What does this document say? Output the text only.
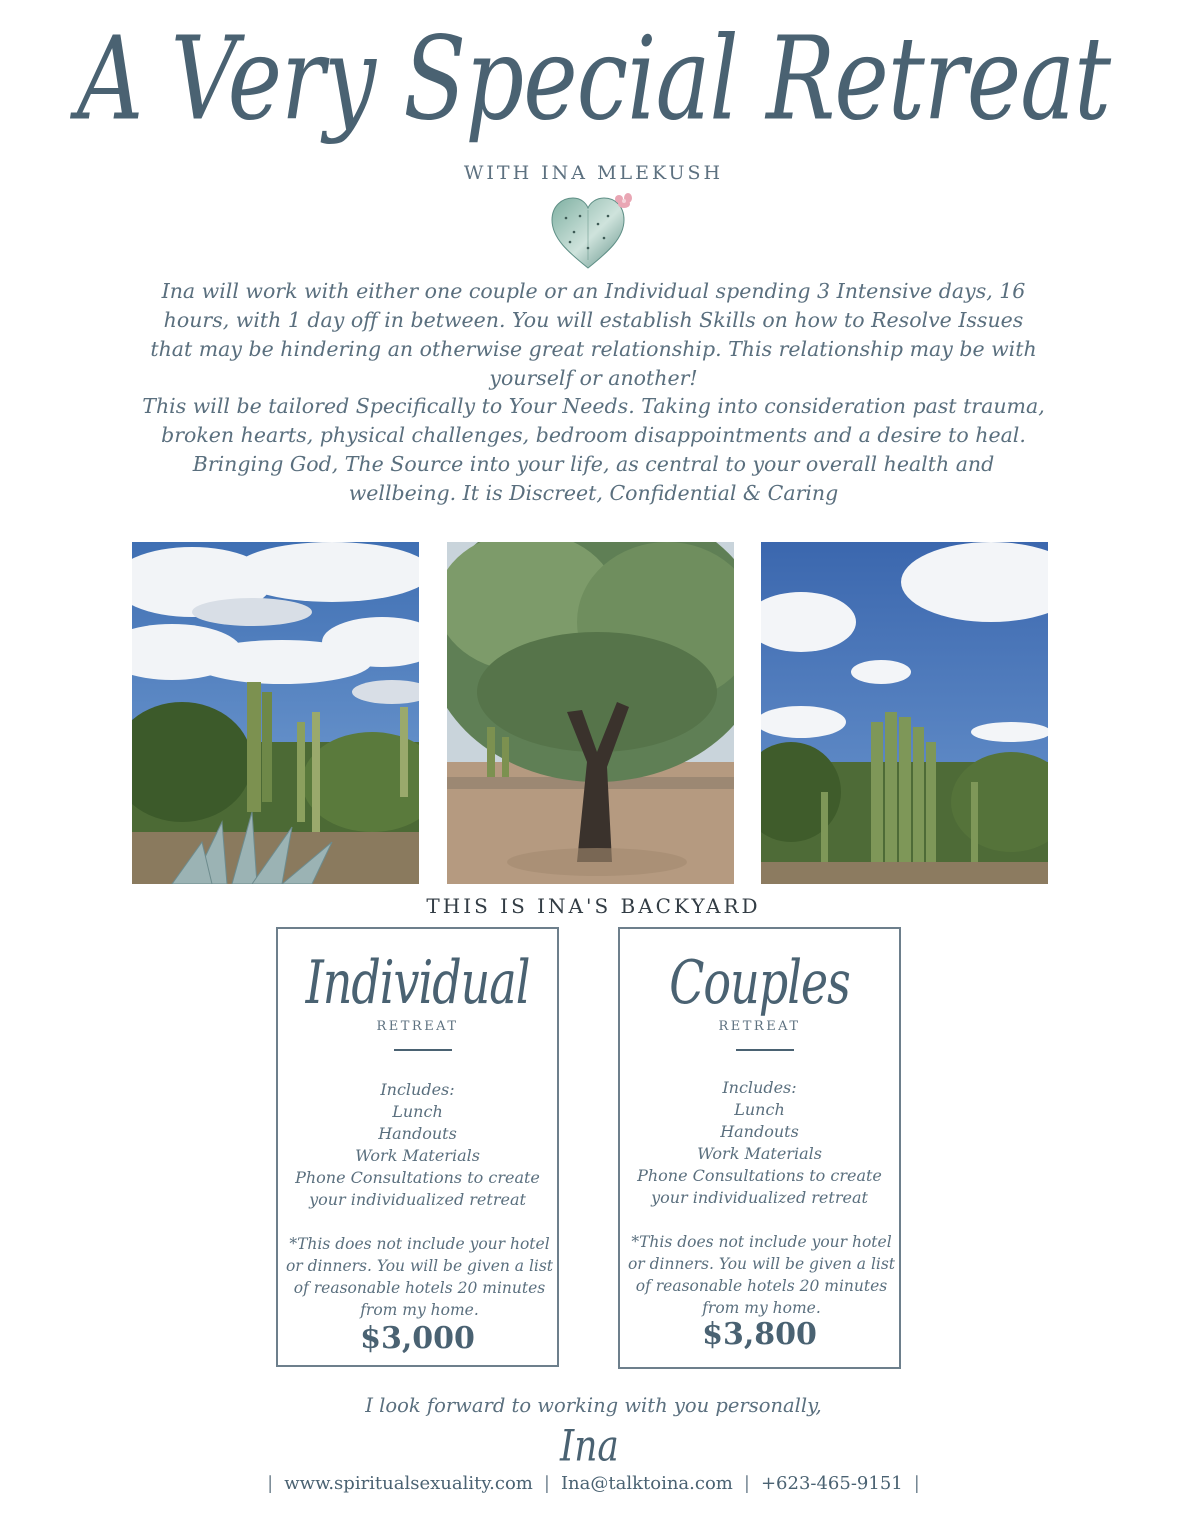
A Very Special Retreat
WITH INA MLEKUSH
Ina will work with either one couple or an Individual spending 3 Intensive days, 16 hours, with 1 day off in between. You will establish Skills on how to Resolve Issues that may be hindering an otherwise great relationship. This relationship may be with yourself or another!
This will be tailored Specifically to Your Needs. Taking into consideration past trauma, broken hearts, physical challenges, bedroom disappointments and a desire to heal. Bringing God, The Source into your life, as central to your overall health and wellbeing. It is Discreet, Confidential & Caring
THIS IS INA'S BACKYARD
Individual
RETREAT
Includes:
Lunch
Handouts
Work Materials
Phone Consultations to create
your individualized retreat
*This does not include your hotel or dinners. You will be given a list of reasonable hotels 20 minutes from my home.
$3,000
Couples
RETREAT
Includes:
Lunch
Handouts
Work Materials
Phone Consultations to create
your individualized retreat
*This does not include your hotel or dinners. You will be given a list of reasonable hotels 20 minutes from my home.
$3,800
I look forward to working with you personally,
Ina
| www.spiritualsexuality.com | Ina@talktoina.com | +623-465-9151 |
